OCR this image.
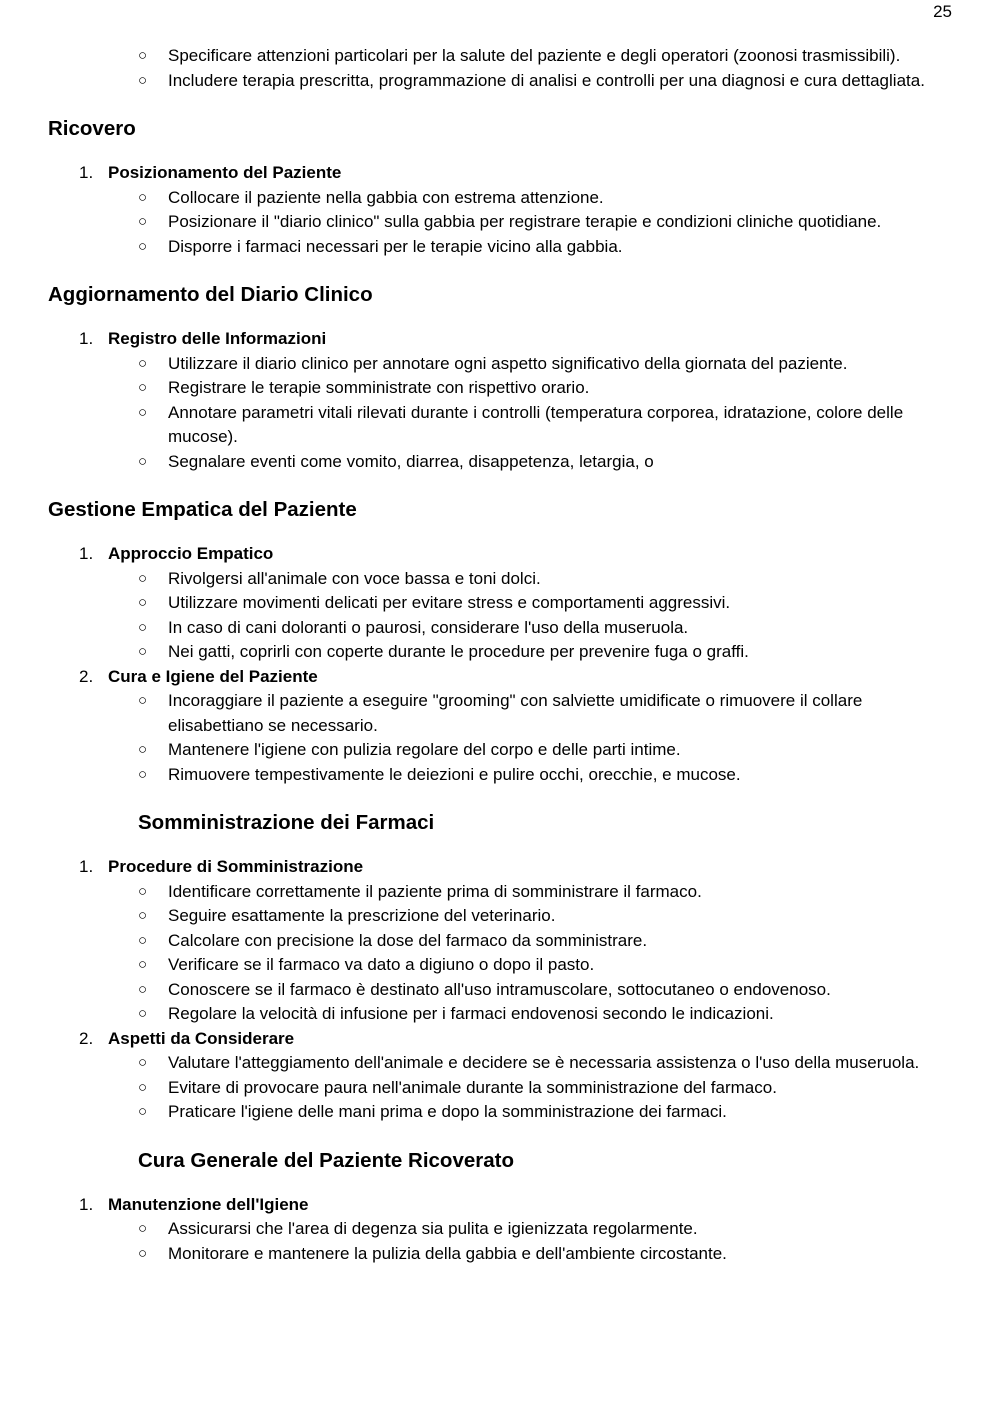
25
○ Specificare attenzioni particolari per la salute del paziente e degli operatori (zoonosi trasmissibili).
○ Includere terapia prescritta, programmazione di analisi e controlli per una diagnosi e cura dettagliata.
Ricovero
1. Posizionamento del Paziente
○ Collocare il paziente nella gabbia con estrema attenzione.
○ Posizionare il "diario clinico" sulla gabbia per registrare terapie e condizioni cliniche quotidiane.
○ Disporre i farmaci necessari per le terapie vicino alla gabbia.
Aggiornamento del Diario Clinico
1. Registro delle Informazioni
○ Utilizzare il diario clinico per annotare ogni aspetto significativo della giornata del paziente.
○ Registrare le terapie somministrate con rispettivo orario.
○ Annotare parametri vitali rilevati durante i controlli (temperatura corporea, idratazione, colore delle mucose).
○ Segnalare eventi come vomito, diarrea, disappetenza, letargia, o
Gestione Empatica del Paziente
1. Approccio Empatico
○ Rivolgersi all'animale con voce bassa e toni dolci.
○ Utilizzare movimenti delicati per evitare stress e comportamenti aggressivi.
○ In caso di cani doloranti o paurosi, considerare l'uso della museruola.
○ Nei gatti, coprirli con coperte durante le procedure per prevenire fuga o graffi.
2. Cura e Igiene del Paziente
○ Incoraggiare il paziente a eseguire "grooming" con salviette umidificate o rimuovere il collare elisabettiano se necessario.
○ Mantenere l'igiene con pulizia regolare del corpo e delle parti intime.
○ Rimuovere tempestivamente le deiezioni e pulire occhi, orecchie, e mucose.
Somministrazione dei Farmaci
1. Procedure di Somministrazione
○ Identificare correttamente il paziente prima di somministrare il farmaco.
○ Seguire esattamente la prescrizione del veterinario.
○ Calcolare con precisione la dose del farmaco da somministrare.
○ Verificare se il farmaco va dato a digiuno o dopo il pasto.
○ Conoscere se il farmaco è destinato all'uso intramuscolare, sottocutaneo o endovenoso.
○ Regolare la velocità di infusione per i farmaci endovenosi secondo le indicazioni.
2. Aspetti da Considerare
○ Valutare l'atteggiamento dell'animale e decidere se è necessaria assistenza o l'uso della museruola.
○ Evitare di provocare paura nell'animale durante la somministrazione del farmaco.
○ Praticare l'igiene delle mani prima e dopo la somministrazione dei farmaci.
Cura Generale del Paziente Ricoverato
1. Manutenzione dell'Igiene
○ Assicurarsi che l'area di degenza sia pulita e igienizzata regolarmente.
○ Monitorare e mantenere la pulizia della gabbia e dell'ambiente circostante.
